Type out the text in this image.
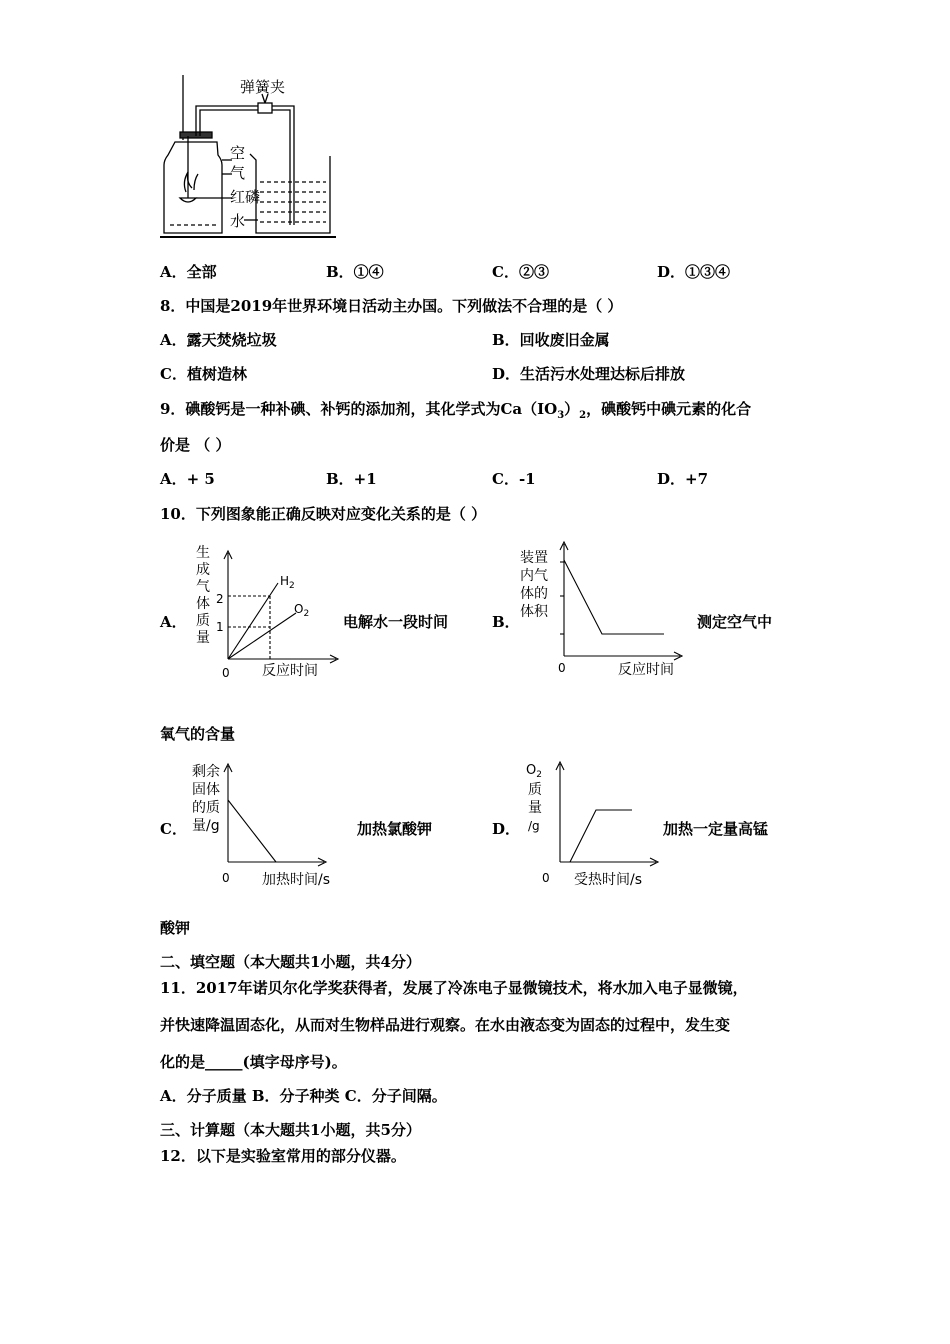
弹簧夹
空
气
红磷
水
A．全部	B．①④	C．②③	D．①③④
8．中国是2019年世界环境日活动主办国。下列做法不合理的是（ ）
A．露天焚烧垃圾	B．回收废旧金属
C．植树造林	D．生活污水处理达标后排放
9．碘酸钙是一种补碘、补钙的添加剂，其化学式为$Ca(IO_3)_2$，碘酸钙中碘元素的化合
价是 （ ）
A．+ 5	B．+1	C．-1	D．+7
10．下列图象能正确反映对应变化关系的是（ ）
A．
生
成
气
体
质
量
2
1
0 反应时间
$H_2$
$O_2$ 电解水一段时间	B．
装置
内气
体的
体积
0	反应时间
测定空气中
氧气的含量
C．
剩余
固体
的质
量/g
0 加热时间/s
加热氯酸钾	D．
$O_2$
质
量
/g
0 受热时间/s
加热一定量高锰
酸钾
二、填空题（本大题共1小题，共4分）
11．2017年诺贝尔化学奖获得者，发展了冷冻电子显微镜技术，将水加入电子显微镜，
并快速降温固态化，从而对生物样品进行观察。在水由液态变为固态的过程中，发生变
化的是_____(填字母序号)。
A．分子质量 B．分子种类 C．分子间隔。
三、计算题（本大题共1小题，共5分）
12．以下是实验室常用的部分仪器。
